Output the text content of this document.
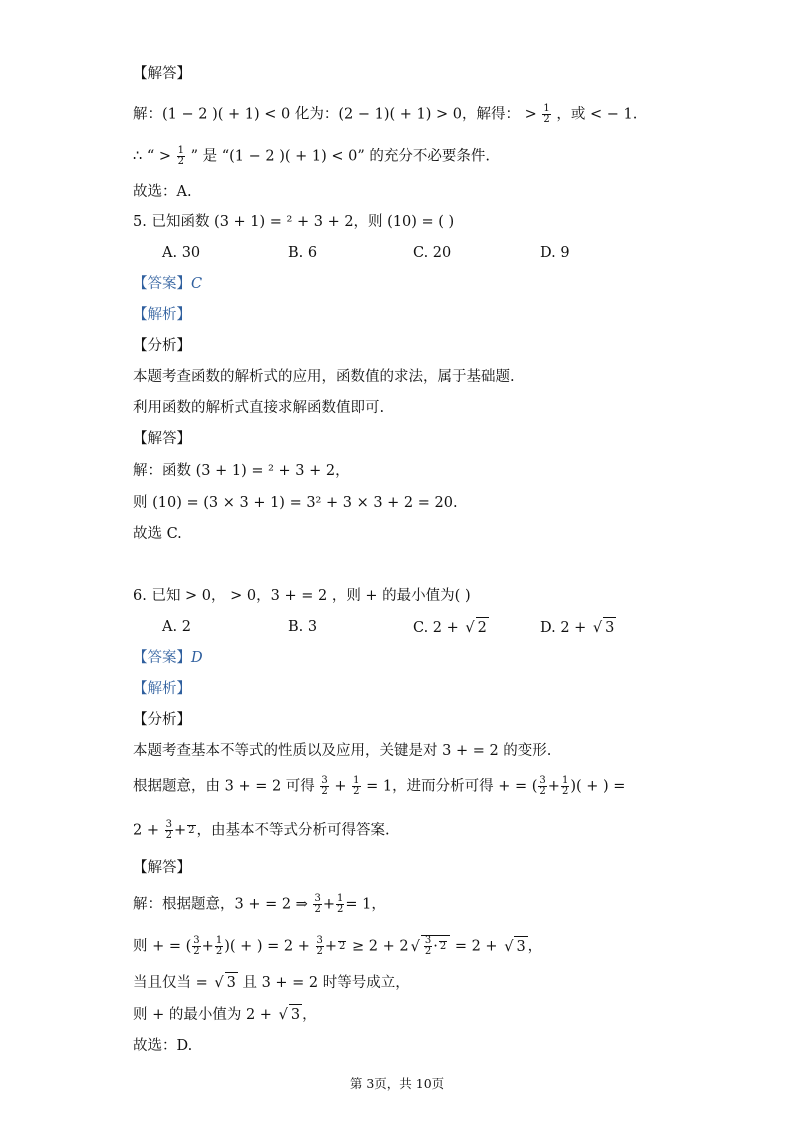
【解答】
解：(1 − 2 )( + 1) < 0 化为：(2 − 1)( + 1) > 0，解得： > $\frac{1}{2}$ ，或 < − 1.
∴ “ > $\frac{1}{2}$ ” 是 “(1 − 2 )( + 1) < 0” 的充分不必要条件.
故选：A.
5. 已知函数 (3 + 1) = ² + 3 + 2，则 (10) = ( )
A. 30	B. 6	C. 20	D. 9
【答案】C
【解析】
【分析】
本题考查函数的解析式的应用，函数值的求法，属于基础题.
利用函数的解析式直接求解函数值即可.
【解答】
解：函数 (3 + 1) = ² + 3 + 2，
则 (10) = (3 × 3 + 1) = 3² + 3 × 3 + 2 = 20.
故选 C.
6. 已知 > 0， > 0，3 + = 2 ，则 + 的最小值为( )
A. 2	B. 3	C. 2 + √ 2	D. 2 + √ 3
【答案】D
【解析】
【分析】
本题考查基本不等式的性质以及应用，关键是对 3 + = 2 的变形.
根据题意，由 3 + = 2 可得 $\frac{3}{2} + \frac{1}{2} = 1$，进而分析可得 + = ( $\frac{3}{2} + \frac{1}{2}$ )( + ) =
$2 + \frac{3}{2} + 2$ ，由基本不等式分析可得答案.
【解答】
解：根据题意，3 + = 2 ⇒ $\frac{3}{2} + \frac{1}{2} = 1$，
则 + = ( $\frac{3}{2} + \frac{1}{2}$ )( + ) = $2 + \frac{3}{2} + 2 \ge 2 + 2$ √ $\frac{3}{2} \cdot 2 = 2$ + √ 3 ，
当且仅当 = √ 3 且 3 + = 2 时等号成立，
则 + 的最小值为 2 + √ 3 ，
故选：D.
第 3页，共 10页
